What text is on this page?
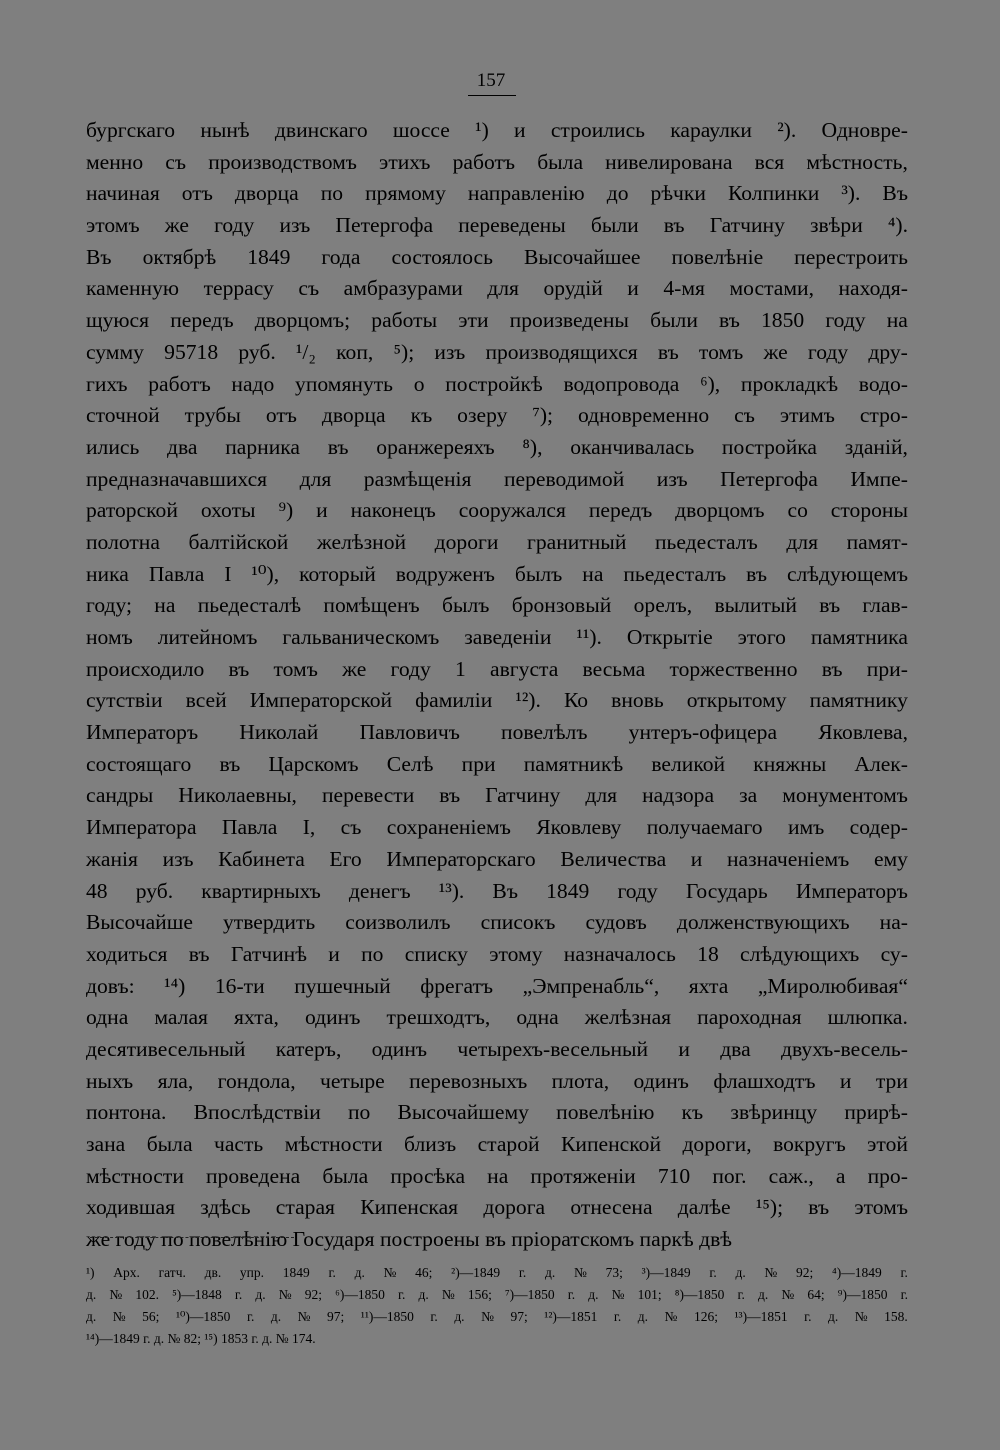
157
бургскаго нынѣ двинскаго шоссе ¹) и строились караулки ²). Одновре-
менно съ производствомъ этихъ работъ была нивелирована вся мѣстность,
начиная отъ дворца по прямому направленію до рѣчки Колпинки ³). Въ
этомъ же году изъ Петергофа переведены были въ Гатчину звѣри ⁴).
Въ октябрѣ 1849 года состоялось Высочайшее повелѣніе перестроить
каменную террасу съ амбразурами для орудій и 4-мя мостами, находя-
щуюся передъ дворцомъ; работы эти произведены были въ 1850 году на
сумму 95718 руб. ¹/₂ коп, ⁵); изъ производящихся въ томъ же году дру-
гихъ работъ надо упомянуть о постройкѣ водопровода ⁶), прокладкѣ водо-
сточной трубы отъ дворца къ озеру ⁷); одновременно съ этимъ стро-
ились два парника въ оранжереяхъ ⁸), оканчивалась постройка зданій,
предназначавшихся для размѣщенія переводимой изъ Петергофа Импе-
раторской охоты ⁹) и наконецъ сооружался передъ дворцомъ со стороны
полотна балтійской желѣзной дороги гранитный пьедесталъ для памят-
ника Павла I ¹⁰), который водруженъ былъ на пьедесталъ въ слѣдующемъ
году; на пьедесталѣ помѣщенъ былъ бронзовый орелъ, вылитый въ глав-
номъ литейномъ гальваническомъ заведеніи ¹¹). Открытіе этого памятника
происходило въ томъ же году 1 августа весьма торжественно въ при-
сутствіи всей Императорской фамиліи ¹²). Ко вновь открытому памятнику
Императоръ Николай Павловичъ повелѣлъ унтеръ-офицера Яковлева,
состоящаго въ Царскомъ Селѣ при памятникѣ великой княжны Алек-
сандры Николаевны, перевести въ Гатчину для надзора за монументомъ
Императора Павла I, съ сохраненіемъ Яковлеву получаемаго имъ содер-
жанія изъ Кабинета Его Императорскаго Величества и назначеніемъ ему
48 руб. квартирныхъ денегъ ¹³). Въ 1849 году Государь Императоръ
Высочайше утвердить соизволилъ списокъ судовъ долженствующихъ на-
ходиться въ Гатчинѣ и по списку этому назначалось 18 слѣдующихъ су-
довъ: ¹⁴) 16-ти пушечный фрегатъ „Эмпренабль“, яхта „Миролюбивая“
одна малая яхта, одинъ трешходтъ, одна желѣзная пароходная шлюпка.
десятивесельный катеръ, одинъ четырехъ-весельный и два двухъ-весель-
ныхъ яла, гондола, четыре перевозныхъ плота, одинъ флашходтъ и три
понтона. Впослѣдствіи по Высочайшему повелѣнію къ звѣринцу прирѣ-
зана была часть мѣстности близъ старой Кипенской дороги, вокругъ этой
мѣстности проведена была просѣка на протяженіи 710 пог. саж., а про-
ходившая здѣсь старая Кипенская дорога отнесена далѣе ¹⁵); въ этомъ
же году по повелѣнію Государя построены въ пріоратскомъ паркѣ двѣ
¹) Арх. гатч. дв. упр. 1849 г. д. № 46; ²)—1849 г. д. № 73; ³)—1849 г. д. № 92; ⁴)—1849 г.
д. № 102. ⁵)—1848 г. д. № 92; ⁶)—1850 г. д. № 156; ⁷)—1850 г. д. № 101; ⁸)—1850 г. д. № 64; ⁹)—1850 г.
д. № 56; ¹⁰)—1850 г. д. № 97; ¹¹)—1850 г. д. № 97; ¹²)—1851 г. д. № 126; ¹³)—1851 г. д. № 158.
¹⁴)—1849 г. д. № 82; ¹⁵) 1853 г. д. № 174.
